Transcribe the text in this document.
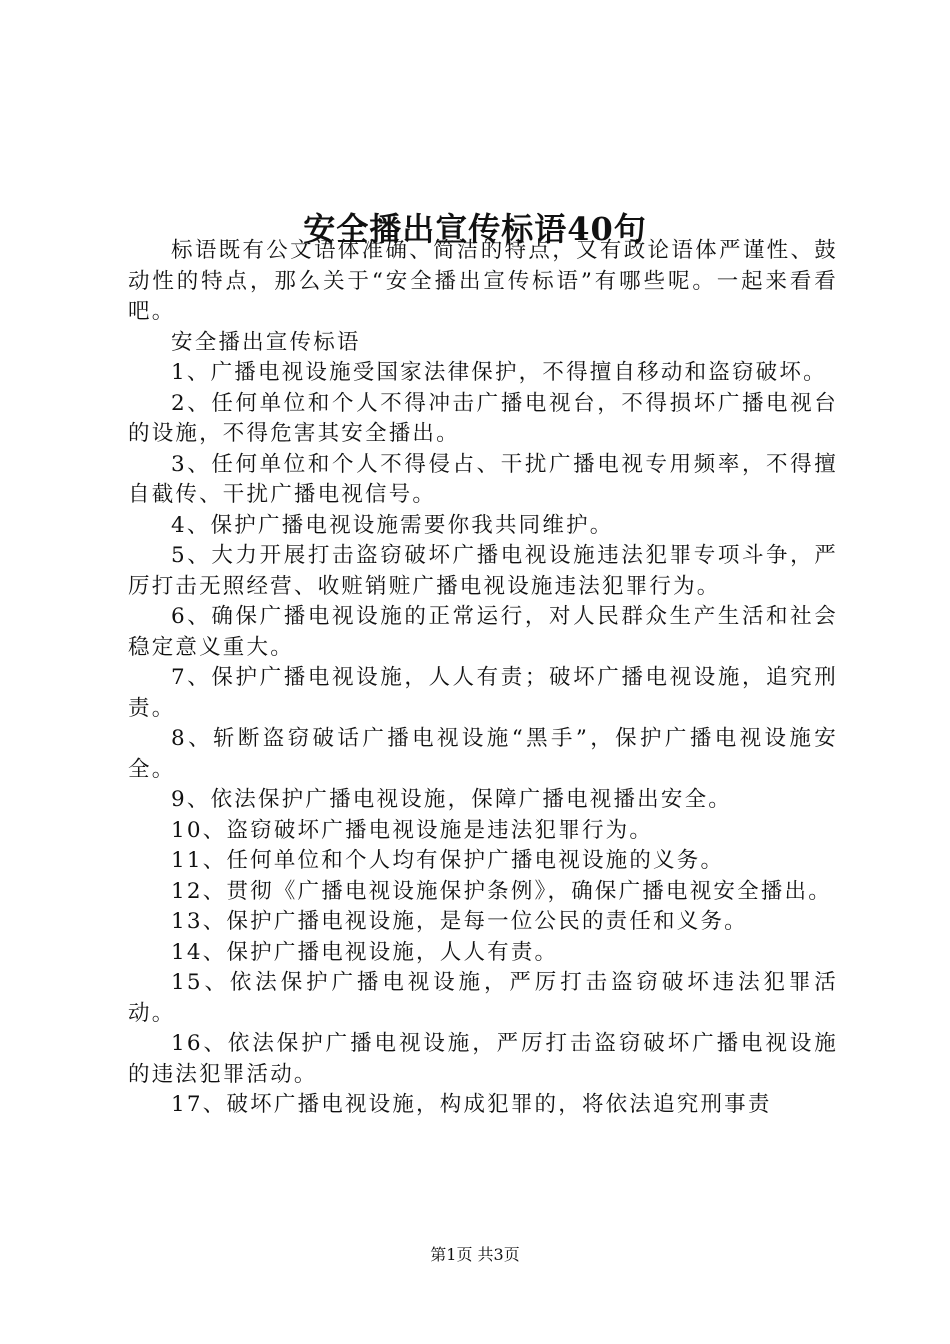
安全播出宣传标语40句

标语既有公文语体准确、简洁的特点，又有政论语体严谨性、鼓动性的特点，那么关于“安全播出宣传标语”有哪些呢。一起来看看吧。

安全播出宣传标语

1、广播电视设施受国家法律保护，不得擅自移动和盗窃破坏。

2、任何单位和个人不得冲击广播电视台，不得损坏广播电视台的设施，不得危害其安全播出。

3、任何单位和个人不得侵占、干扰广播电视专用频率，不得擅自截传、干扰广播电视信号。

4、保护广播电视设施需要你我共同维护。

5、大力开展打击盗窃破坏广播电视设施违法犯罪专项斗争，严厉打击无照经营、收赃销赃广播电视设施违法犯罪行为。

6、确保广播电视设施的正常运行，对人民群众生产生活和社会稳定意义重大。

7、保护广播电视设施，人人有责；破坏广播电视设施，追究刑责。

8、斩断盗窃破话广播电视设施“黑手”，保护广播电视设施安全。

9、依法保护广播电视设施，保障广播电视播出安全。

10、盗窃破坏广播电视设施是违法犯罪行为。

11、任何单位和个人均有保护广播电视设施的义务。

12、贯彻《广播电视设施保护条例》，确保广播电视安全播出。

13、保护广播电视设施，是每一位公民的责任和义务。

14、保护广播电视设施，人人有责。

15、依法保护广播电视设施，严厉打击盗窃破坏违法犯罪活动。

16、依法保护广播电视设施，严厉打击盗窃破坏广播电视设施的违法犯罪活动。

17、破坏广播电视设施，构成犯罪的，将依法追究刑事责

第1页 共3页
